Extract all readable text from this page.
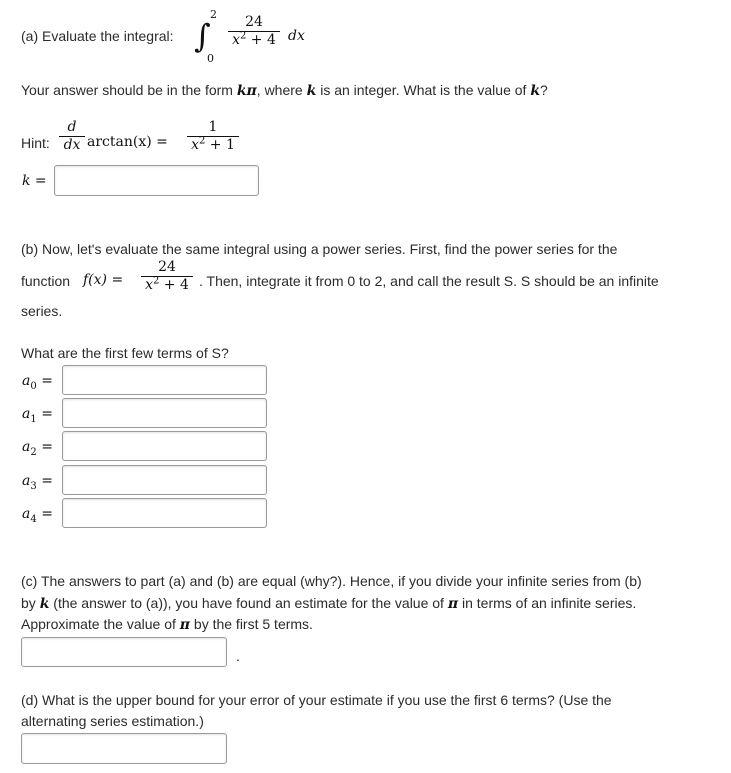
(a) Evaluate the integral: ∫
2
0
$\frac{24}{x^2 + 4}$ dx
Your answer should be in the form kπ, where k is an integer. What is the value of k?
Hint: $\frac{d}{dx} \arctan(x) = \frac{1}{x^2 + 1}$
k =
(b) Now, let's evaluate the same integral using a power series. First, find the power series for the
function $f(x) = \frac{24}{x^2 + 4}$ . Then, integrate it from 0 to 2, and call the result S. S should be an infinite
series.
What are the first few terms of S?
$a_0$ =
$a_1$ =
$a_2$ =
$a_3$ =
$a_4$ =
(c) The answers to part (a) and (b) are equal (why?). Hence, if you divide your infinite series from (b)
by k (the answer to (a)), you have found an estimate for the value of π in terms of an infinite series.
Approximate the value of π by the first 5 terms.
.
(d) What is the upper bound for your error of your estimate if you use the first 6 terms? (Use the
alternating series estimation.)
